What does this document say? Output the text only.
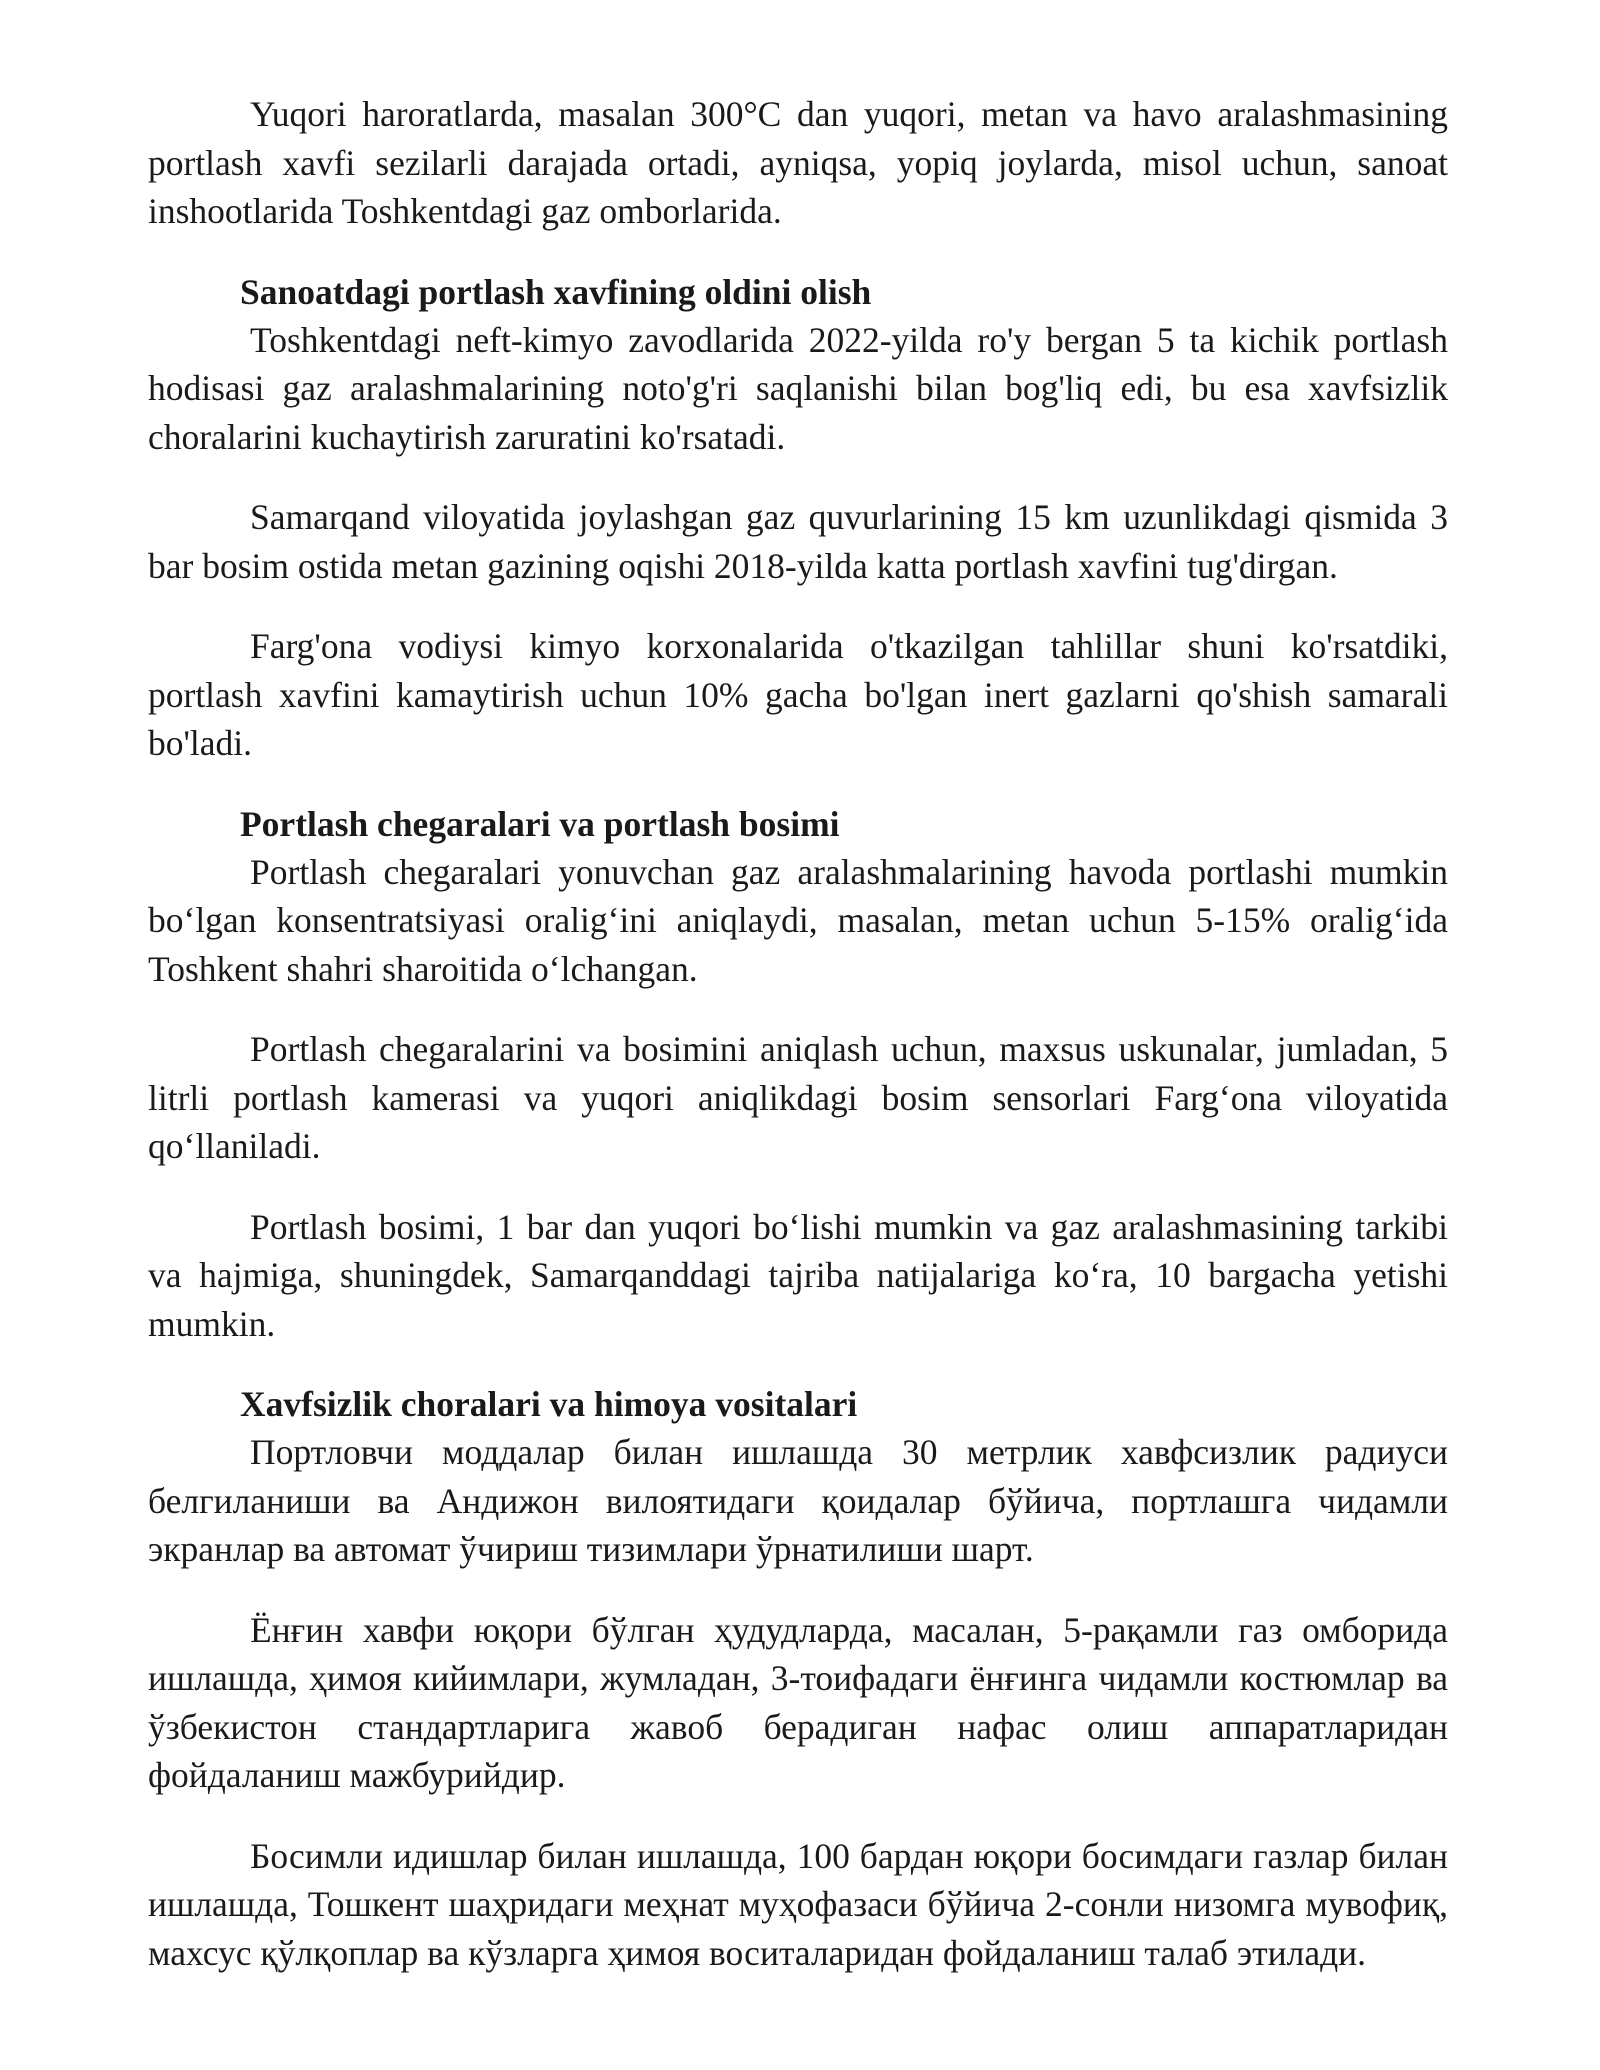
Yuqori haroratlarda, masalan 300°C dan yuqori, metan va havo aralashmasining portlash xavfi sezilarli darajada ortadi, ayniqsa, yopiq joylarda, misol uchun, sanoat inshootlarida Toshkentdagi gaz omborlarida.

Sanoatdagi portlash xavfining oldini olish

Toshkentdagi neft-kimyo zavodlarida 2022-yilda ro'y bergan 5 ta kichik portlash hodisasi gaz aralashmalarining noto'g'ri saqlanishi bilan bog'liq edi, bu esa xavfsizlik choralarini kuchaytirish zaruratini ko'rsatadi.

Samarqand viloyatida joylashgan gaz quvurlarining 15 km uzunlikdagi qismida 3 bar bosim ostida metan gazining oqishi 2018-yilda katta portlash xavfini tug'dirgan.

Farg'ona vodiysi kimyo korxonalarida o'tkazilgan tahlillar shuni ko'rsatdiki, portlash xavfini kamaytirish uchun 10% gacha bo'lgan inert gazlarni qo'shish samarali bo'ladi.

Portlash chegaralari va portlash bosimi

Portlash chegaralari yonuvchan gaz aralashmalarining havoda portlashi mumkin bo‘lgan konsentratsiyasi oralig‘ini aniqlaydi, masalan, metan uchun 5-15% oralig‘ida Toshkent shahri sharoitida o‘lchangan.

Portlash chegaralarini va bosimini aniqlash uchun, maxsus uskunalar, jumladan, 5 litrli portlash kamerasi va yuqori aniqlikdagi bosim sensorlari Farg‘ona viloyatida qo‘llaniladi.

Portlash bosimi, 1 bar dan yuqori bo‘lishi mumkin va gaz aralashmasining tarkibi va hajmiga, shuningdek, Samarqanddagi tajriba natijalariga ko‘ra, 10 bargacha yetishi mumkin.

Xavfsizlik choralari va himoya vositalari

Портловчи моддалар билан ишлашда 30 метрлик хавфсизлик радиуси белгиланиши ва Андижон вилоятидаги қоидалар бўйича, портлашга чидамли экранлар ва автомат ўчириш тизимлари ўрнатилиши шарт.

Ёнғин хавфи юқори бўлган ҳудудларда, масалан, 5-рақамли газ омборида ишлашда, ҳимоя кийимлари, жумладан, 3-тоифадаги ёнғинга чидамли костюмлар ва ўзбекистон стандартларига жавоб берадиган нафас олиш аппаратларидан фойдаланиш мажбурийдир.

Босимли идишлар билан ишлашда, 100 бардан юқори босимдаги газлар билан ишлашда, Тошкент шаҳридаги меҳнат муҳофазаси бўйича 2-сонли низомга мувофиқ, махсус қўлқоплар ва кўзларга ҳимоя воситаларидан фойдаланиш талаб этилади.
